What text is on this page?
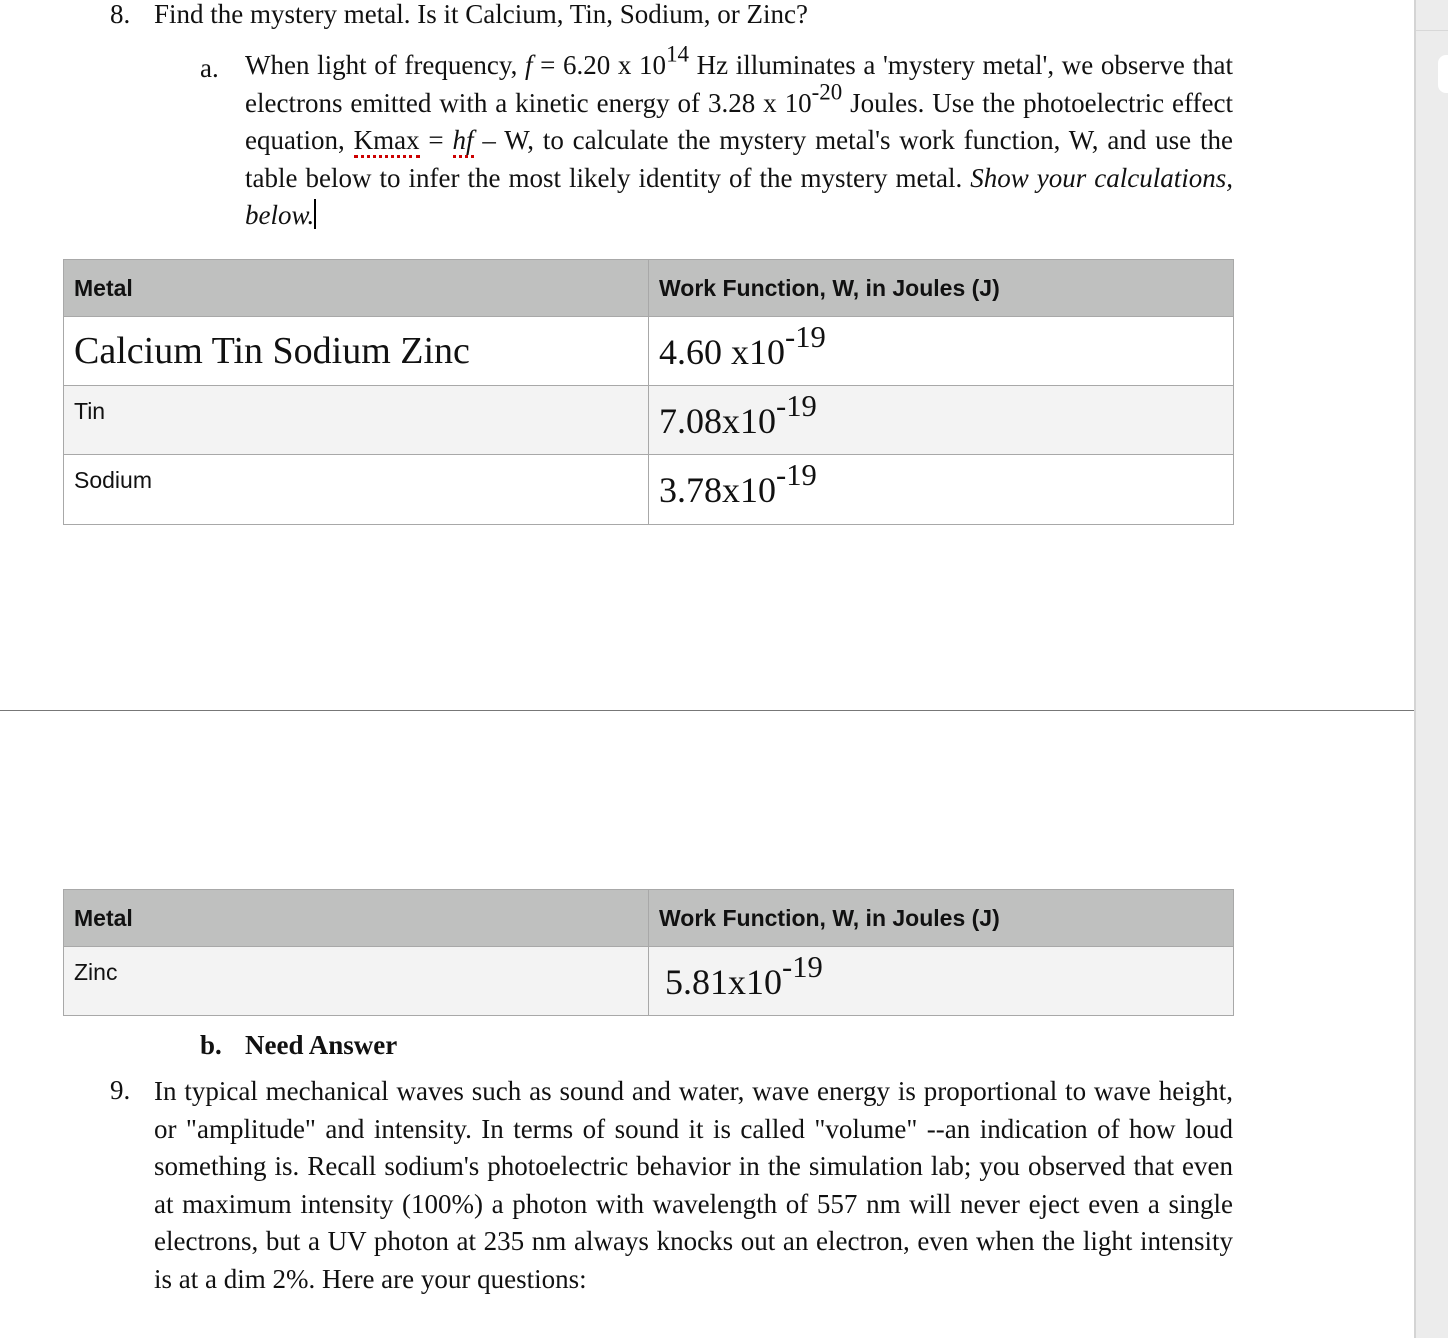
8. Find the mystery metal. Is it Calcium, Tin, Sodium, or Zinc?
a. When light of frequency, f = 6.20 x $10^{14}$ Hz illuminates a 'mystery metal', we observe that electrons emitted with a kinetic energy of 3.28 x $10^{-20}$ Joules. Use the photoelectric effect equation, Kmax = hf – W, to calculate the mystery metal's work function, W, and use the table below to infer the most likely identity of the mystery metal. Show your calculations, below.
Metal	Work Function, W, in Joules (J)
Calcium Tin Sodium Zinc	4.60 $x10^{-19}$
Tin	$7.08x10^{-19}$
Sodium	$3.78x10^{-19}$
Metal	Work Function, W, in Joules (J)
Zinc	$5.81x10^{-19}$
b. Need Answer
9. In typical mechanical waves such as sound and water, wave energy is proportional to wave height, or "amplitude" and intensity. In terms of sound it is called "volume" --an indication of how loud something is. Recall sodium's photoelectric behavior in the simulation lab; you observed that even at maximum intensity (100%) a photon with wavelength of 557 nm will never eject even a single electrons, but a UV photon at 235 nm always knocks out an electron, even when the light intensity is at a dim 2%. Here are your questions:
